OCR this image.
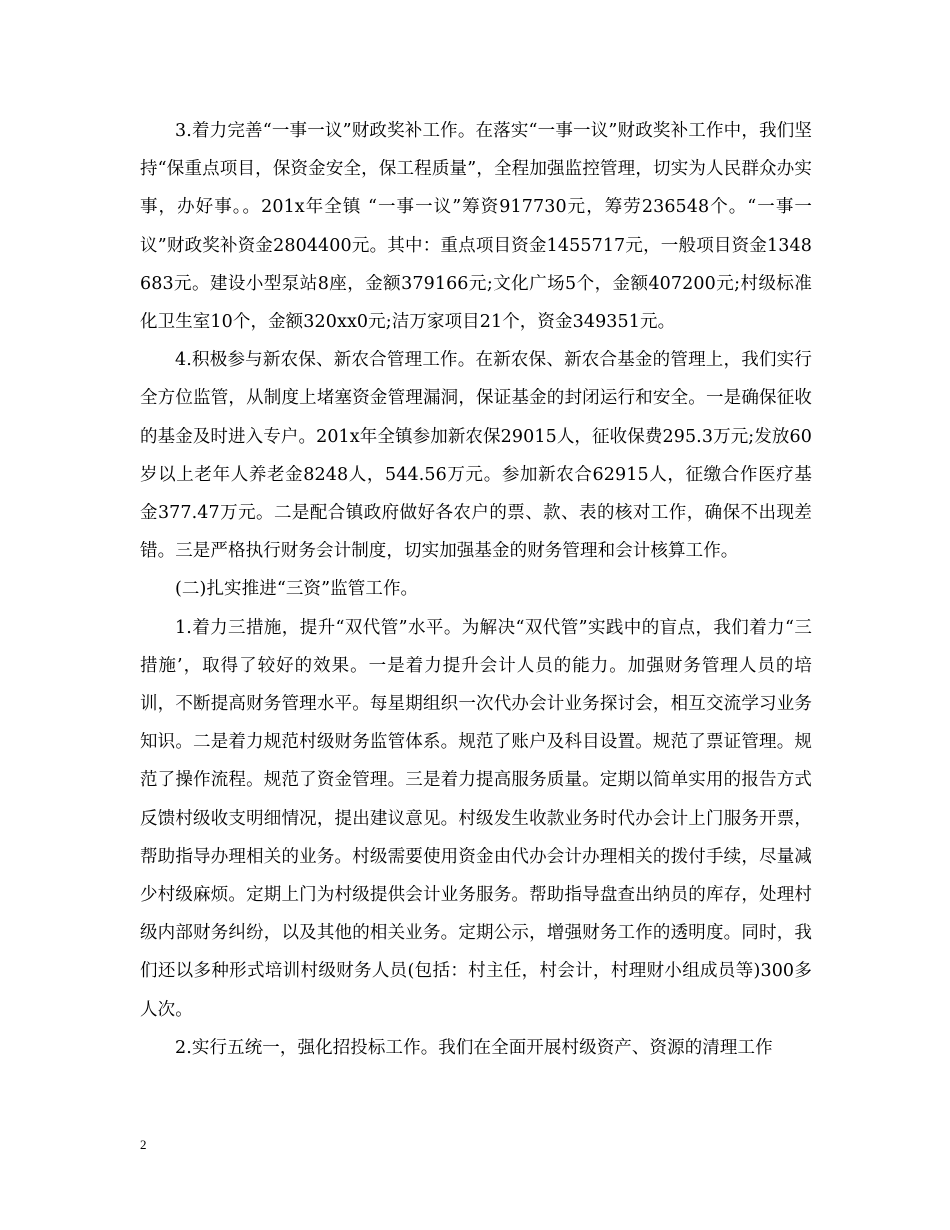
3.着力完善“一事一议”财政奖补工作。在落实“一事一议”财政奖补工作中，我们坚持“保重点项目，保资金安全，保工程质量”，全程加强监控管理，切实为人民群众办实事，办好事。。201x年全镇 “一事一议”筹资917730元，筹劳236548个。“一事一议”财政奖补资金2804400元。其中：重点项目资金1455717元，一般项目资金1348683元。建设小型泵站8座，金额379166元;文化广场5个，金额407200元;村级标准化卫生室10个，金额320xx0元;洁万家项目21个，资金349351元。

4.积极参与新农保、新农合管理工作。在新农保、新农合基金的管理上，我们实行全方位监管，从制度上堵塞资金管理漏洞，保证基金的封闭运行和安全。一是确保征收的基金及时进入专户。201x年全镇参加新农保29015人，征收保费295.3万元;发放60岁以上老年人养老金8248人，544.56万元。参加新农合62915人，征缴合作医疗基金377.47万元。二是配合镇政府做好各农户的票、款、表的核对工作，确保不出现差错。三是严格执行财务会计制度，切实加强基金的财务管理和会计核算工作。

(二)扎实推进“三资”监管工作。

1.着力三措施，提升“双代管”水平。为解决“双代管”实践中的盲点，我们着力“三措施’，取得了较好的效果。一是着力提升会计人员的能力。加强财务管理人员的培训，不断提高财务管理水平。每星期组织一次代办会计业务探讨会，相互交流学习业务知识。二是着力规范村级财务监管体系。规范了账户及科目设置。规范了票证管理。规范了操作流程。规范了资金管理。三是着力提高服务质量。定期以简单实用的报告方式反馈村级收支明细情况，提出建议意见。村级发生收款业务时代办会计上门服务开票，帮助指导办理相关的业务。村级需要使用资金由代办会计办理相关的拨付手续，尽量减少村级麻烦。定期上门为村级提供会计业务服务。帮助指导盘查出纳员的库存，处理村级内部财务纠纷，以及其他的相关业务。定期公示，增强财务工作的透明度。同时，我们还以多种形式培训村级财务人员(包括：村主任，村会计，村理财小组成员等)300多人次。

2.实行五统一，强化招投标工作。我们在全面开展村级资产、资源的清理工作

2
